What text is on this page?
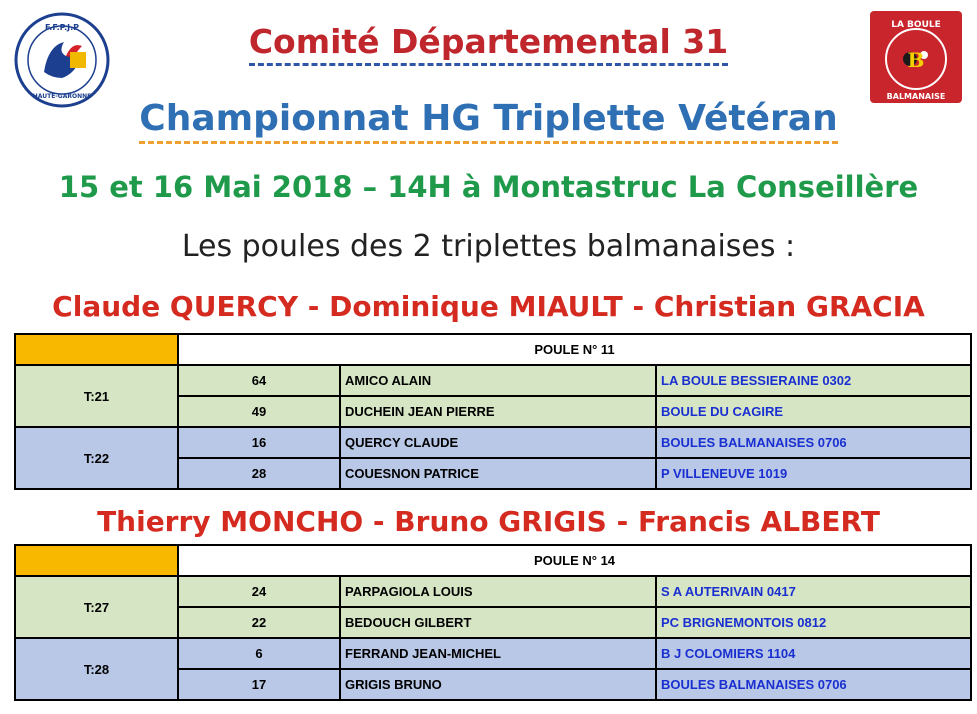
F.F.P.J.P
HAUTE-GARONNE
B
LA BOULE
BALMANAISE
Comité Départemental 31
Championnat HG Triplette Vétéran
15 et 16 Mai 2018 – 14H à Montastruc La Conseillère
Les poules des 2 triplettes balmanaises :
Claude QUERCY - Dominique MIAULT - Christian GRACIA
	POULE N° 11		
T:21	64	AMICO ALAIN	LA BOULE BESSIERAINE 0302
	49	DUCHEIN JEAN PIERRE	BOULE DU CAGIRE
T:22	16	QUERCY CLAUDE	BOULES BALMANAISES 0706
	28	COUESNON PATRICE	P VILLENEUVE 1019
Thierry MONCHO - Bruno GRIGIS - Francis ALBERT
	POULE N° 14		
T:27	24	PARPAGIOLA LOUIS	S A AUTERIVAIN 0417
	22	BEDOUCH GILBERT	PC BRIGNEMONTOIS 0812
T:28	6	FERRAND JEAN-MICHEL	B J COLOMIERS 1104
	17	GRIGIS BRUNO	BOULES BALMANAISES 0706
